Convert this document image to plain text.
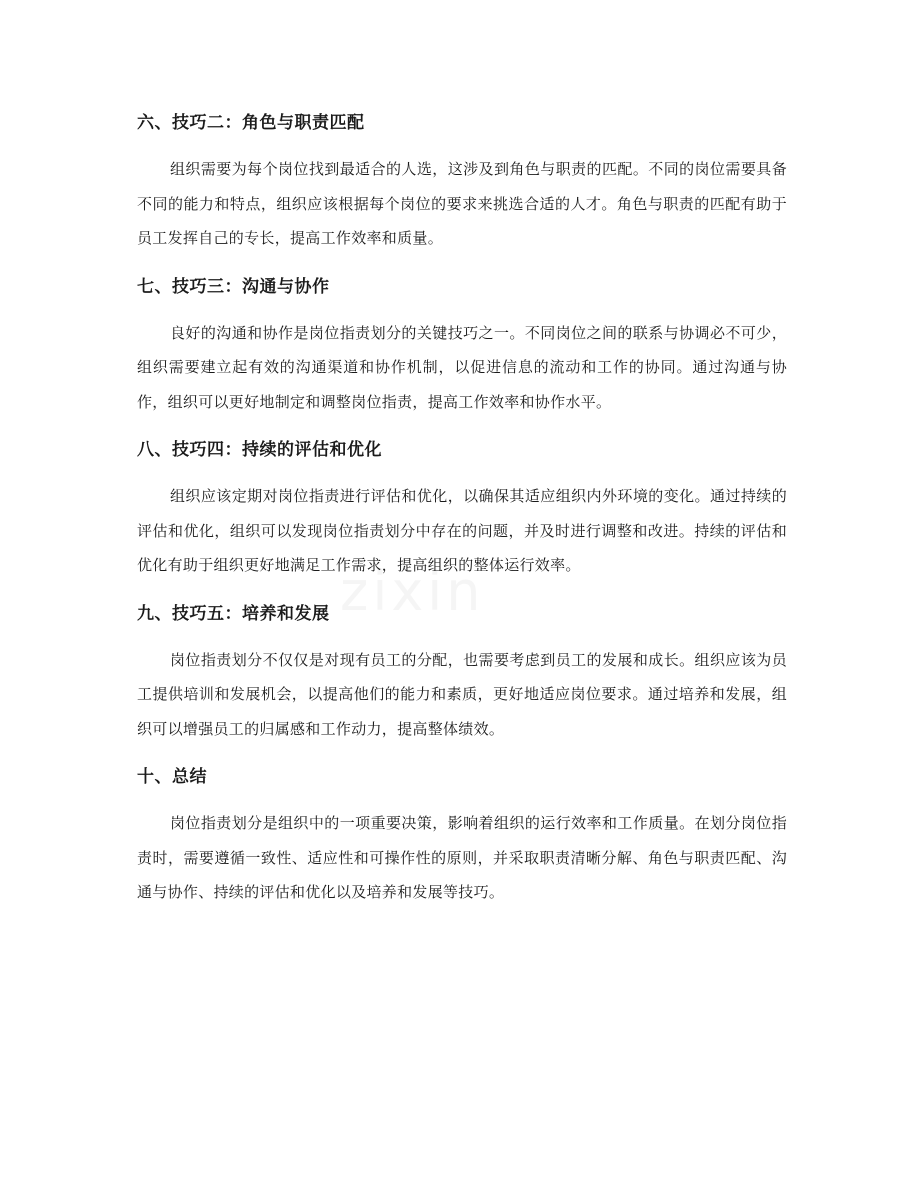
zixin
六、技巧二：角色与职责匹配

组织需要为每个岗位找到最适合的人选，这涉及到角色与职责的匹配。不同的岗位需要具备不同的能力和特点，组织应该根据每个岗位的要求来挑选合适的人才。角色与职责的匹配有助于员工发挥自己的专长，提高工作效率和质量。

七、技巧三：沟通与协作

良好的沟通和协作是岗位指责划分的关键技巧之一。不同岗位之间的联系与协调必不可少，组织需要建立起有效的沟通渠道和协作机制，以促进信息的流动和工作的协同。通过沟通与协作，组织可以更好地制定和调整岗位指责，提高工作效率和协作水平。

八、技巧四：持续的评估和优化

组织应该定期对岗位指责进行评估和优化，以确保其适应组织内外环境的变化。通过持续的评估和优化，组织可以发现岗位指责划分中存在的问题，并及时进行调整和改进。持续的评估和优化有助于组织更好地满足工作需求，提高组织的整体运行效率。

九、技巧五：培养和发展

岗位指责划分不仅仅是对现有员工的分配，也需要考虑到员工的发展和成长。组织应该为员工提供培训和发展机会，以提高他们的能力和素质，更好地适应岗位要求。通过培养和发展，组织可以增强员工的归属感和工作动力，提高整体绩效。

十、总结

岗位指责划分是组织中的一项重要决策，影响着组织的运行效率和工作质量。在划分岗位指责时，需要遵循一致性、适应性和可操作性的原则，并采取职责清晰分解、角色与职责匹配、沟通与协作、持续的评估和优化以及培养和发展等技巧。
